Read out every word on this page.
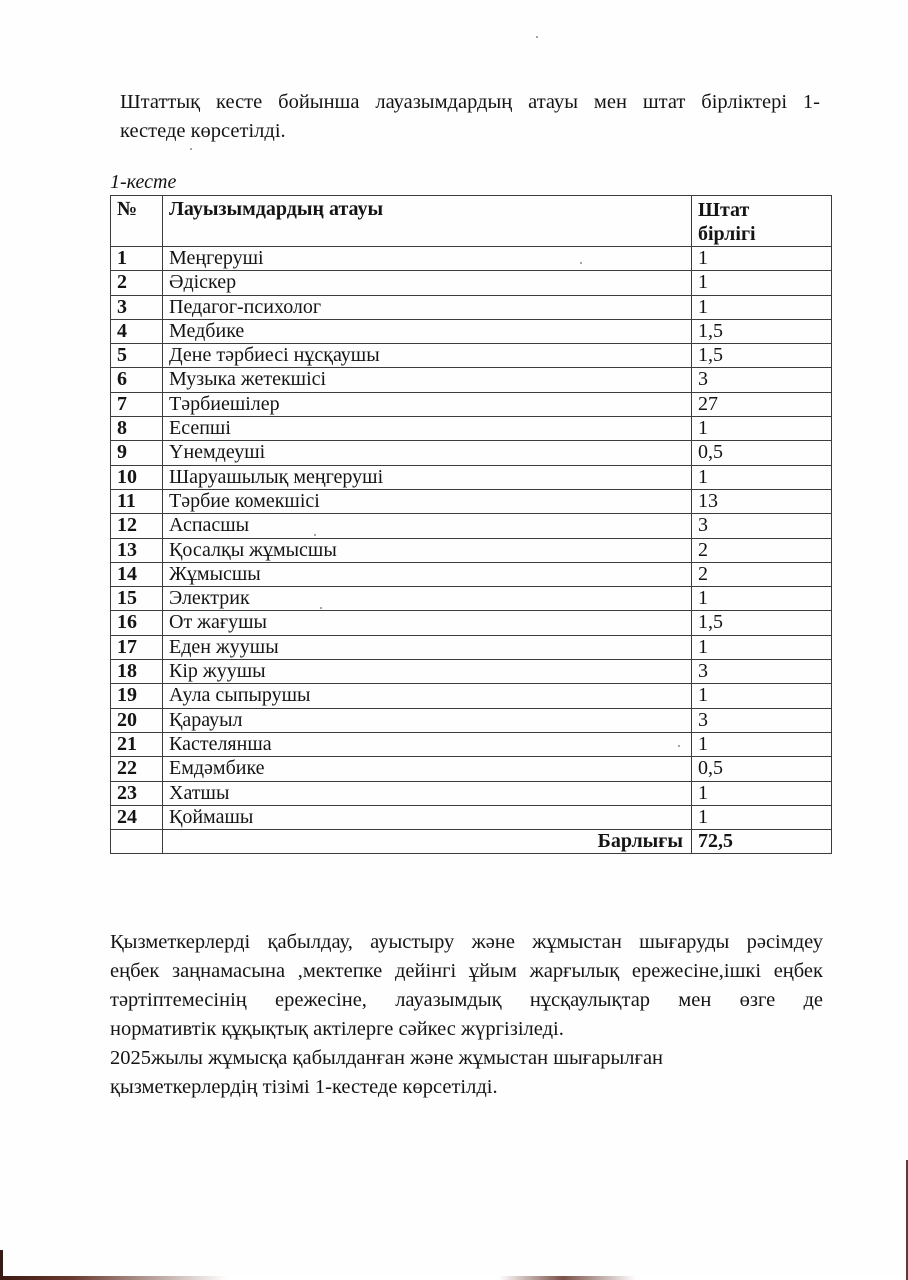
Штаттық кесте бойынша лауазымдардың атауы мен штат бірліктері 1-
кестеде көрсетілді.

1-кесте
№	Лауызымдардың атауы	Штат
бірлігі
1	Меңгеруші	1
2	Әдіскер	1
3	Педагог-психолог	1
4	Медбике	1,5
5	Дене тәрбиесі нұсқаушы	1,5
6	Музыка жетекшісі	3
7	Тәрбиешілер	27
8	Есепші	1
9	Үнемдеуші	0,5
10	Шаруашылық меңгеруші	1
11	Тәрбие комекшісі	13
12	Аспасшы	3
13	Қосалқы жұмысшы	2
14	Жұмысшы	2
15	Электрик	1
16	От жағушы	1,5
17	Еден жуушы	1
18	Кір жуушы	3
19	Аула сыпырушы	1
20	Қарауыл	3
21	Кастелянша	1
22	Емдәмбике	0,5
23	Хатшы	1
24	Қоймашы	1
	Барлығы	72,5

Қызметкерлерді қабылдау, ауыстыру және жұмыстан шығаруды рәсімдеу
еңбек заңнамасына ,мектепке дейінгі ұйым жарғылық ережесіне,ішкі еңбек
тәртіптемесінің ережесіне, лауазымдық нұсқаулықтар мен өзге де
нормативтік құқықтық актілерге сәйкес жүргізіледі.
2025жылы жұмысқа қабылданған және жұмыстан шығарылған
қызметкерлердің тізімі 1-кестеде көрсетілді.
